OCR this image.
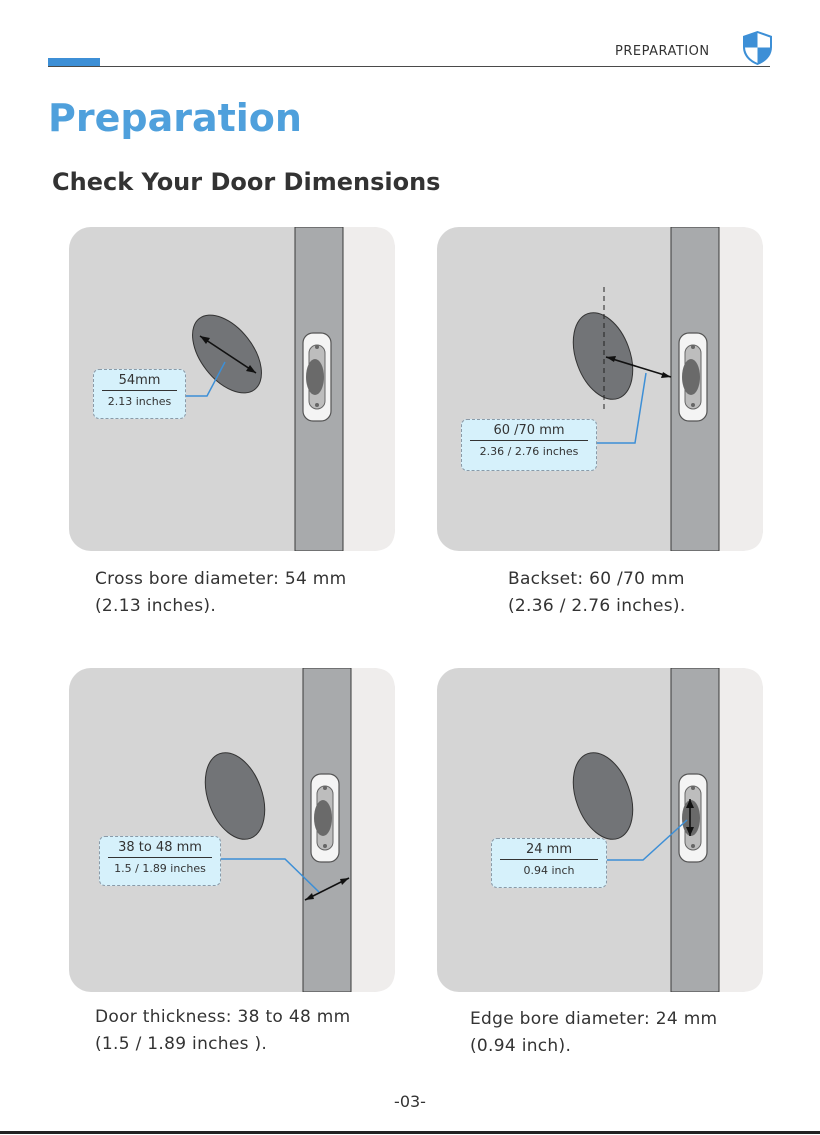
PREPARATION
Preparation
Check Your Door Dimensions
54mm
2.13 inches
60 /70 mm
2.36 / 2.76 inches
Cross bore diameter: 54 mm
(2.13 inches).
Backset: 60 /70 mm
(2.36 / 2.76 inches).
38 to 48 mm
1.5 / 1.89 inches
24 mm
0.94 inch
Door thickness: 38 to 48 mm
(1.5 / 1.89 inches ).
Edge bore diameter: 24 mm
(0.94 inch).
-03-
